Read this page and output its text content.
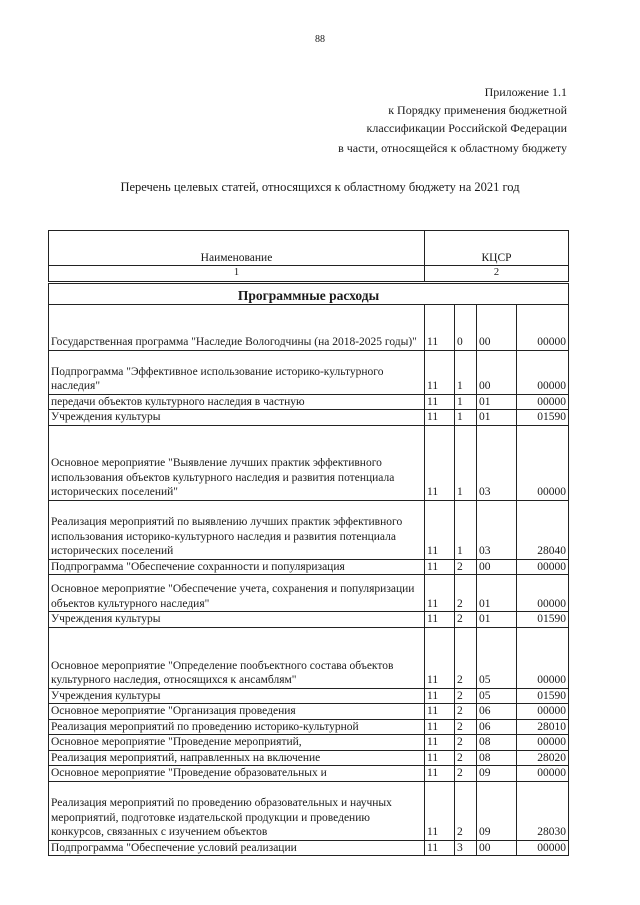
88
Приложение 1.1
к Порядку применения бюджетной
классификации Российской Федерации
в части, относящейся к областному бюджету
Перечень целевых статей, относящихся к областному бюджету на 2021 год
Наименование	КЦСР			
1	2			
Программные расходы				
Государственная программа "Наследие Вологодчины (на 2018-2025 годы)"	11	0	00	00000
Подпрограмма "Эффективное использование историко-культурного наследия"	11	1	00	00000
передачи объектов культурного наследия в частную	11	1	01	00000
Учреждения культуры	11	1	01	01590
Основное мероприятие "Выявление лучших практик эффективного использования объектов культурного наследия и развития потенциала исторических поселений"	11	1	03	00000
Реализация мероприятий по выявлению лучших практик эффективного использования историко-культурного наследия и развития потенциала исторических поселений	11	1	03	28040
Подпрограмма "Обеспечение сохранности и популяризация	11	2	00	00000
Основное мероприятие "Обеспечение учета, сохранения и популяризации объектов культурного наследия"	11	2	01	00000
Учреждения культуры	11	2	01	01590
Основное мероприятие "Определение пообъектного состава объектов культурного наследия, относящихся к ансамблям"	11	2	05	00000
Учреждения культуры	11	2	05	01590
Основное мероприятие "Организация проведения	11	2	06	00000
Реализация мероприятий по проведению историко-культурной	11	2	06	28010
Основное мероприятие "Проведение мероприятий,	11	2	08	00000
Реализация мероприятий, направленных на включение	11	2	08	28020
Основное мероприятие "Проведение образовательных и	11	2	09	00000
Реализация мероприятий по проведению образовательных и научных мероприятий, подготовке издательской продукции и проведению конкурсов, связанных с изучением объектов	11	2	09	28030
Подпрограмма "Обеспечение условий реализации	11	3	00	00000
